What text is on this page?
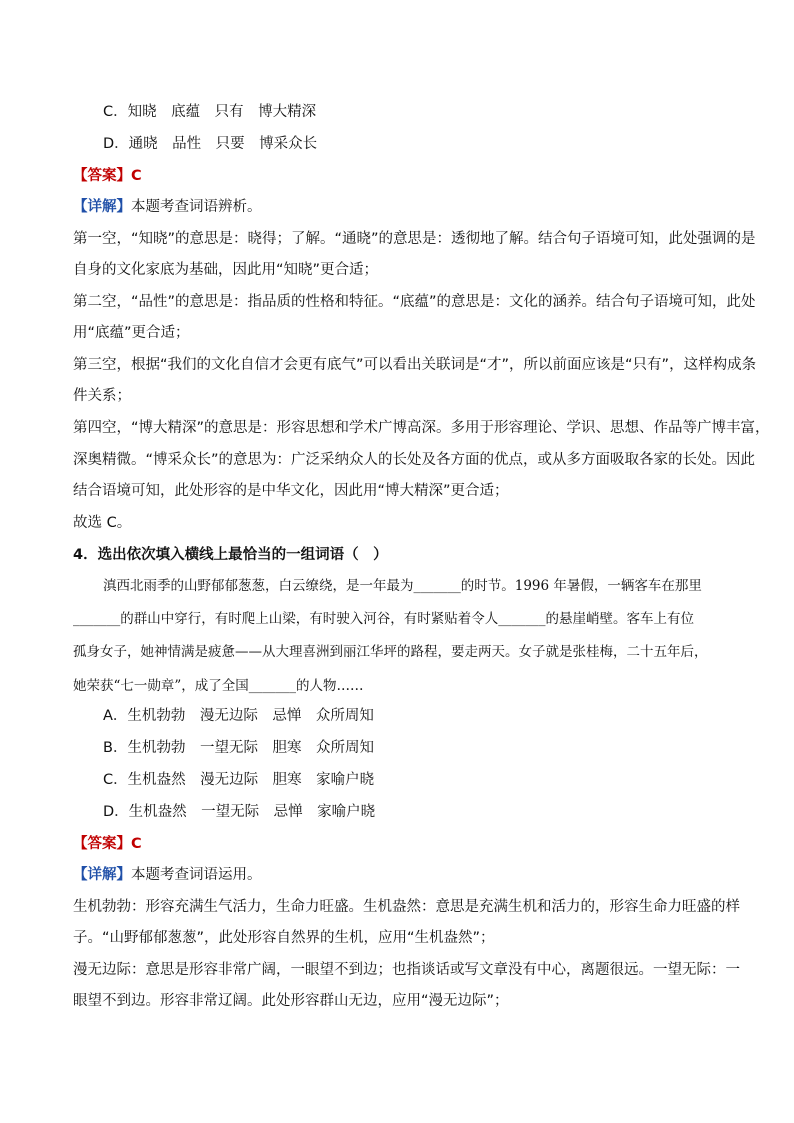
C．知晓　底蕴　只有　博大精深
D．通晓　品性　只要　博采众长
【答案】C
【详解】本题考查词语辨析。
第一空，“知晓”的意思是：晓得；了解。“通晓”的意思是：透彻地了解。结合句子语境可知，此处强调的是
自身的文化家底为基础，因此用“知晓”更合适；
第二空，“品性”的意思是：指品质的性格和特征。“底蕴”的意思是：文化的涵养。结合句子语境可知，此处
用“底蕴”更合适；
第三空，根据“我们的文化自信才会更有底气”可以看出关联词是“才”，所以前面应该是“只有”，这样构成条
件关系；
第四空，“博大精深”的意思是：形容思想和学术广博高深。多用于形容理论、学识、思想、作品等广博丰富，
深奥精微。“博采众长”的意思为：广泛采纳众人的长处及各方面的优点，或从多方面吸取各家的长处。因此
结合语境可知，此处形容的是中华文化，因此用“博大精深”更合适；
故选 C。
4．选出依次填入横线上最恰当的一组词语（　）
滇西北雨季的山野郁郁葱葱，白云缭绕，是一年最为_______的时节。1996 年暑假，一辆客车在那里
_______的群山中穿行，有时爬上山梁，有时驶入河谷，有时紧贴着令人_______的悬崖峭壁。客车上有位
孤身女子，她神情满是疲惫——从大理喜洲到丽江华坪的路程，要走两天。女子就是张桂梅，二十五年后，
她荣获“七一勋章”，成了全国_______的人物……
A．生机勃勃　漫无边际　忌惮　众所周知
B．生机勃勃　一望无际　胆寒　众所周知
C．生机盎然　漫无边际　胆寒　家喻户晓
D．生机盎然　一望无际　忌惮　家喻户晓
【答案】C
【详解】本题考查词语运用。
生机勃勃：形容充满生气活力，生命力旺盛。生机盎然：意思是充满生机和活力的，形容生命力旺盛的样
子。“山野郁郁葱葱”，此处形容自然界的生机，应用“生机盎然”；
漫无边际：意思是形容非常广阔，一眼望不到边；也指谈话或写文章没有中心，离题很远。一望无际：一
眼望不到边。形容非常辽阔。此处形容群山无边，应用“漫无边际”；
